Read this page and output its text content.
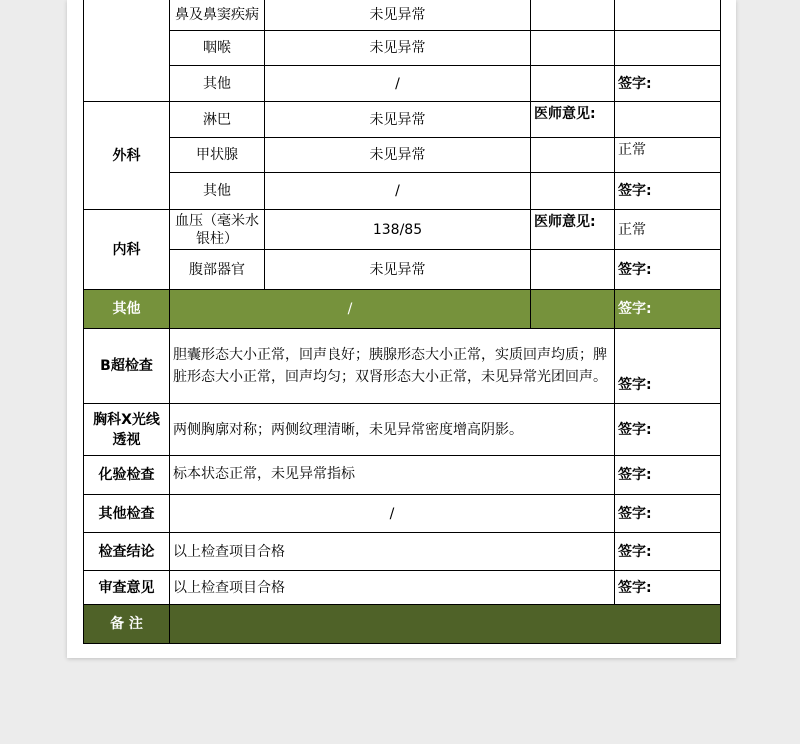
	鼻及鼻窦疾病	未见异常		
	咽喉	未见异常		
	其他	/		签字:
外科	淋巴	未见异常	医师意见:	
	甲状腺	未见异常		正常
	其他	/		签字:
内科	血压（毫米水银柱）	138/85	医师意见:	正常
	腹部器官	未见异常		签字:
其他	/			签字:
B超检查	胆囊形态大小正常，回声良好；胰腺形态大小正常，实质回声均质；脾脏形态大小正常，回声均匀；双肾形态大小正常，未见异常光团回声。			签字:
胸科X光线透视	两侧胸廓对称；两侧纹理清晰，未见异常密度增高阴影。			签字:
化验检查	标本状态正常，未见异常指标			签字:
其他检查	/			签字:
检查结论	以上检查项目合格			签字:
审查意见	以上检查项目合格			签字:
备 注				
